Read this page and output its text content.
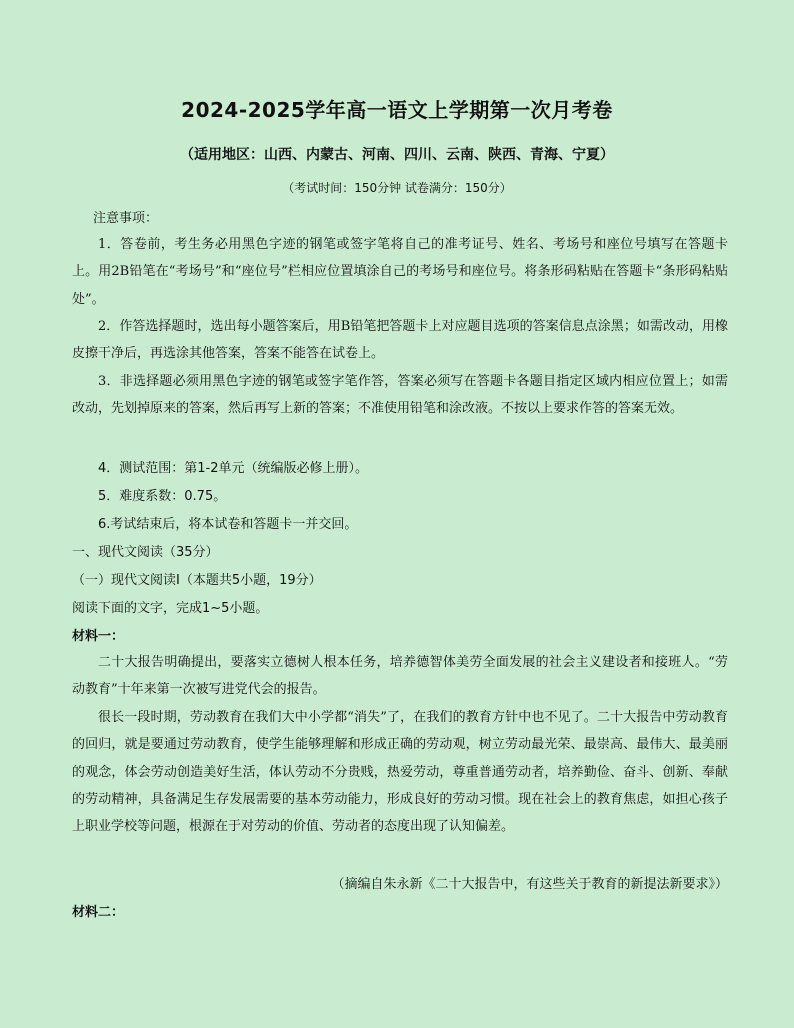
2024-2025学年高一语文上学期第一次月考卷
（适用地区：山西、内蒙古、河南、四川、云南、陕西、青海、宁夏）
（考试时间：150分钟 试卷满分：150分）
注意事项：
1．答卷前，考生务必用黑色字迹的钢笔或签字笔将自己的准考证号、姓名、考场号和座位号填写在答题卡上。用2B铅笔在“考场号”和“座位号”栏相应位置填涂自己的考场号和座位号。将条形码粘贴在答题卡“条形码粘贴处”。
2．作答选择题时，选出每小题答案后，用B铅笔把答题卡上对应题目选项的答案信息点涂黑；如需改动，用橡皮擦干净后，再选涂其他答案，答案不能答在试卷上。
3．非选择题必须用黑色字迹的钢笔或签字笔作答，答案必须写在答题卡各题目指定区域内相应位置上；如需改动，先划掉原来的答案，然后再写上新的答案；不准使用铅笔和涂改液。不按以上要求作答的答案无效。
4．测试范围：第1-2单元（统编版必修上册）。
5．难度系数：0.75。
6.考试结束后，将本试卷和答题卡一并交回。
一、现代文阅读（35分）
（一）现代文阅读Ⅰ（本题共5小题，19分）
阅读下面的文字，完成1~5小题。
材料一：
二十大报告明确提出，要落实立德树人根本任务，培养德智体美劳全面发展的社会主义建设者和接班人。“劳动教育”十年来第一次被写进党代会的报告。
很长一段时期，劳动教育在我们大中小学都“消失”了，在我们的教育方针中也不见了。二十大报告中劳动教育的回归，就是要通过劳动教育，使学生能够理解和形成正确的劳动观，树立劳动最光荣、最崇高、最伟大、最美丽的观念，体会劳动创造美好生活，体认劳动不分贵贱，热爱劳动，尊重普通劳动者，培养勤俭、奋斗、创新、奉献的劳动精神，具备满足生存发展需要的基本劳动能力，形成良好的劳动习惯。现在社会上的教育焦虑，如担心孩子上职业学校等问题，根源在于对劳动的价值、劳动者的态度出现了认知偏差。
（摘编自朱永新《二十大报告中，有这些关于教育的新提法新要求》）
材料二：
